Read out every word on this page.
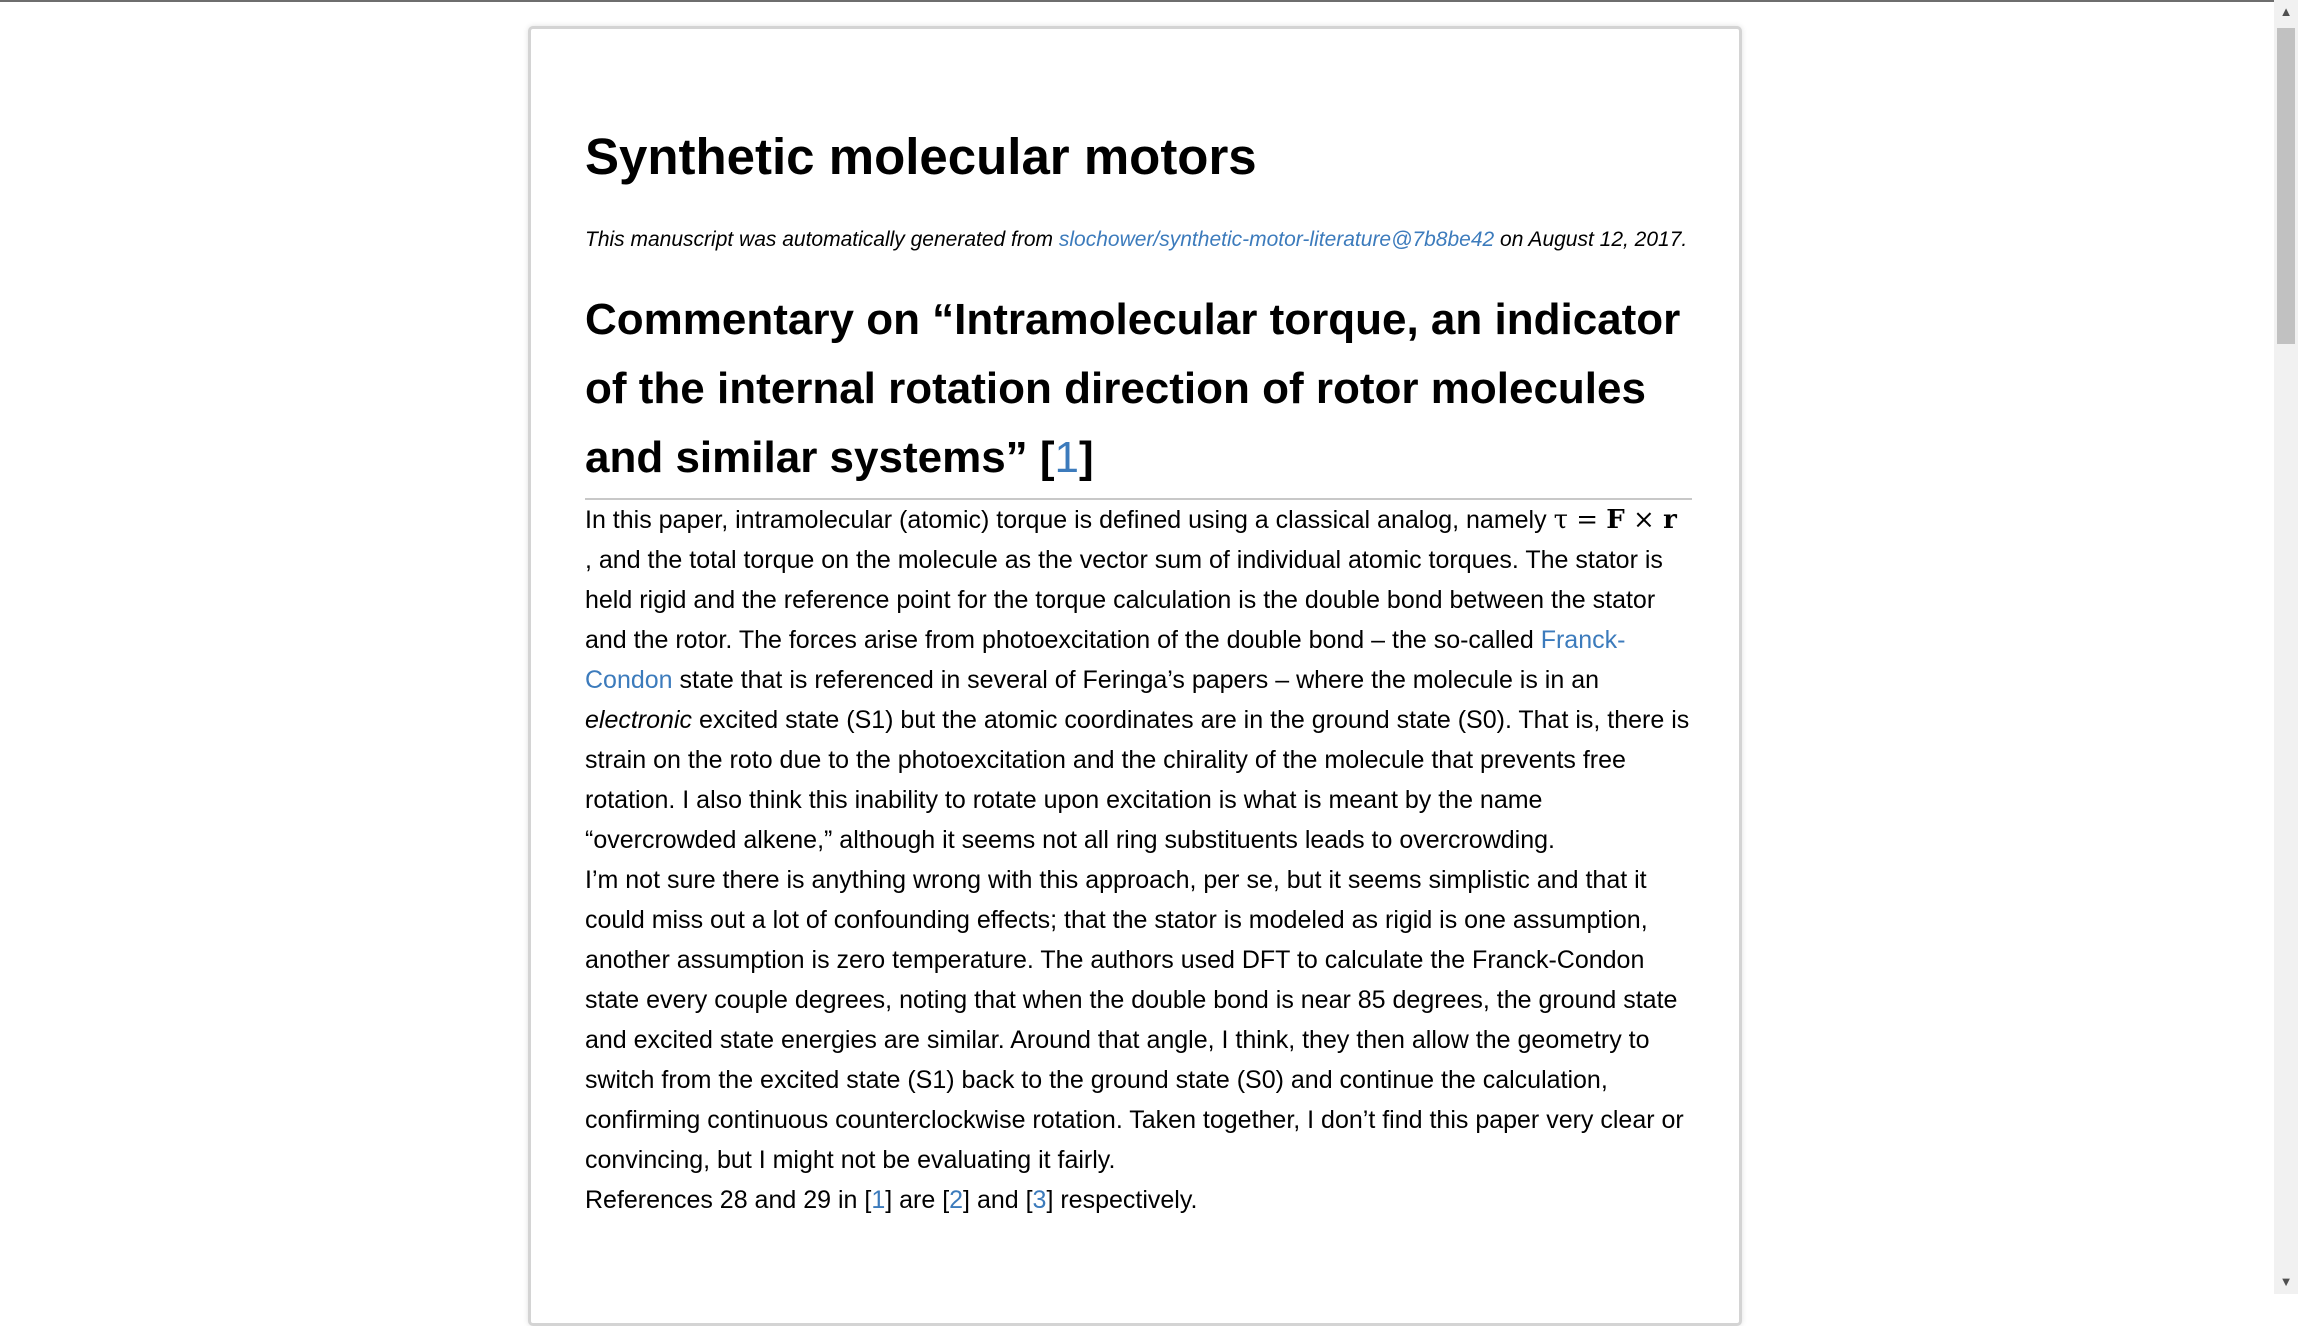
Synthetic molecular motors
This manuscript was automatically generated from slochower/synthetic-motor-literature@7b8be42 on August 12, 2017.
Commentary on “Intramolecular torque, an indicator of the internal rotation direction of rotor molecules and similar systems” [1]

In this paper, intramolecular (atomic) torque is defined using a classical analog, namely τ = F × r
, and the total torque on the molecule as the vector sum of individual atomic torques. The stator is held rigid and the reference point for the torque calculation is the double bond between the stator and the rotor. The forces arise from photoexcitation of the double bond – the so-called Franck-Condon state that is referenced in several of Feringa’s papers – where the molecule is in an electronic excited state (S1) but the atomic coordinates are in the ground state (S0). That is, there is strain on the roto due to the photoexcitation and the chirality of the molecule that prevents free rotation. I also think this inability to rotate upon excitation is what is meant by the name “overcrowded alkene,” although it seems not all ring substituents leads to overcrowding.

I’m not sure there is anything wrong with this approach, per se, but it seems simplistic and that it could miss out a lot of confounding effects; that the stator is modeled as rigid is one assumption, another assumption is zero temperature. The authors used DFT to calculate the Franck-Condon state every couple degrees, noting that when the double bond is near 85 degrees, the ground state and excited state energies are similar. Around that angle, I think, they then allow the geometry to switch from the excited state (S1) back to the ground state (S0) and continue the calculation, confirming continuous counterclockwise rotation. Taken together, I don’t find this paper very clear or convincing, but I might not be evaluating it fairly.

References 28 and 29 in [1] are [2] and [3] respectively.

▲
▼
